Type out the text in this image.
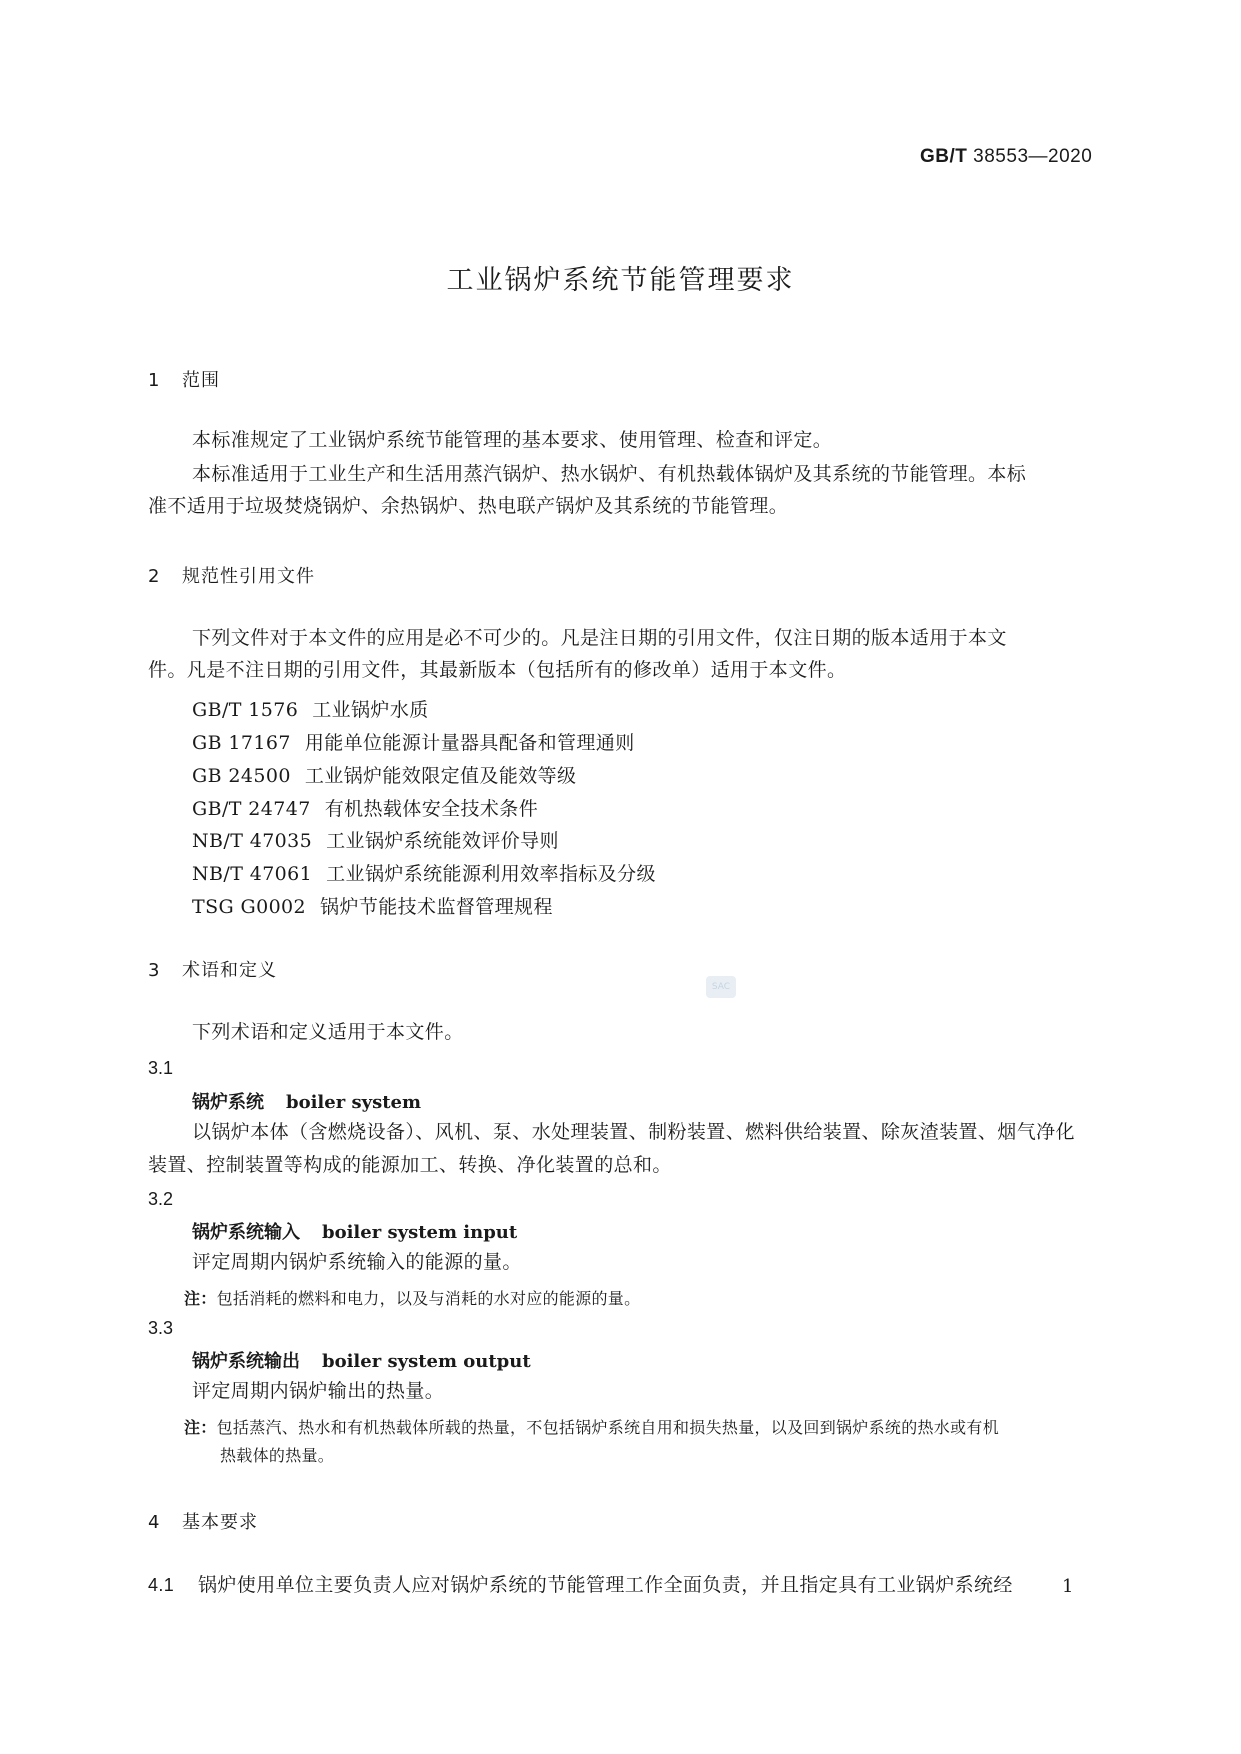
GB/T 38553—2020
工业锅炉系统节能管理要求
1 范围
本标准规定了工业锅炉系统节能管理的基本要求、使用管理、检查和评定。
本标准适用于工业生产和生活用蒸汽锅炉、热水锅炉、有机热载体锅炉及其系统的节能管理。本标
准不适用于垃圾焚烧锅炉、余热锅炉、热电联产锅炉及其系统的节能管理。
2 规范性引用文件
下列文件对于本文件的应用是必不可少的。凡是注日期的引用文件，仅注日期的版本适用于本文
件。凡是不注日期的引用文件，其最新版本（包括所有的修改单）适用于本文件。
GB/T 1576 工业锅炉水质
GB 17167 用能单位能源计量器具配备和管理通则
GB 24500 工业锅炉能效限定值及能效等级
GB/T 24747 有机热载体安全技术条件
NB/T 47035 工业锅炉系统能效评价导则
NB/T 47061 工业锅炉系统能源利用效率指标及分级
TSG G0002 锅炉节能技术监督管理规程
3 术语和定义
SAC
下列术语和定义适用于本文件。
3.1
锅炉系统 boiler system
以锅炉本体（含燃烧设备）、风机、泵、水处理装置、制粉装置、燃料供给装置、除灰渣装置、烟气净化
装置、控制装置等构成的能源加工、转换、净化装置的总和。
3.2
锅炉系统输入 boiler system input
评定周期内锅炉系统输入的能源的量。
注：包括消耗的燃料和电力，以及与消耗的水对应的能源的量。
3.3
锅炉系统输出 boiler system output
评定周期内锅炉输出的热量。
注：包括蒸汽、热水和有机热载体所载的热量，不包括锅炉系统自用和损失热量，以及回到锅炉系统的热水或有机
热载体的热量。
4 基本要求
4.1 锅炉使用单位主要负责人应对锅炉系统的节能管理工作全面负责，并且指定具有工业锅炉系统经	1
